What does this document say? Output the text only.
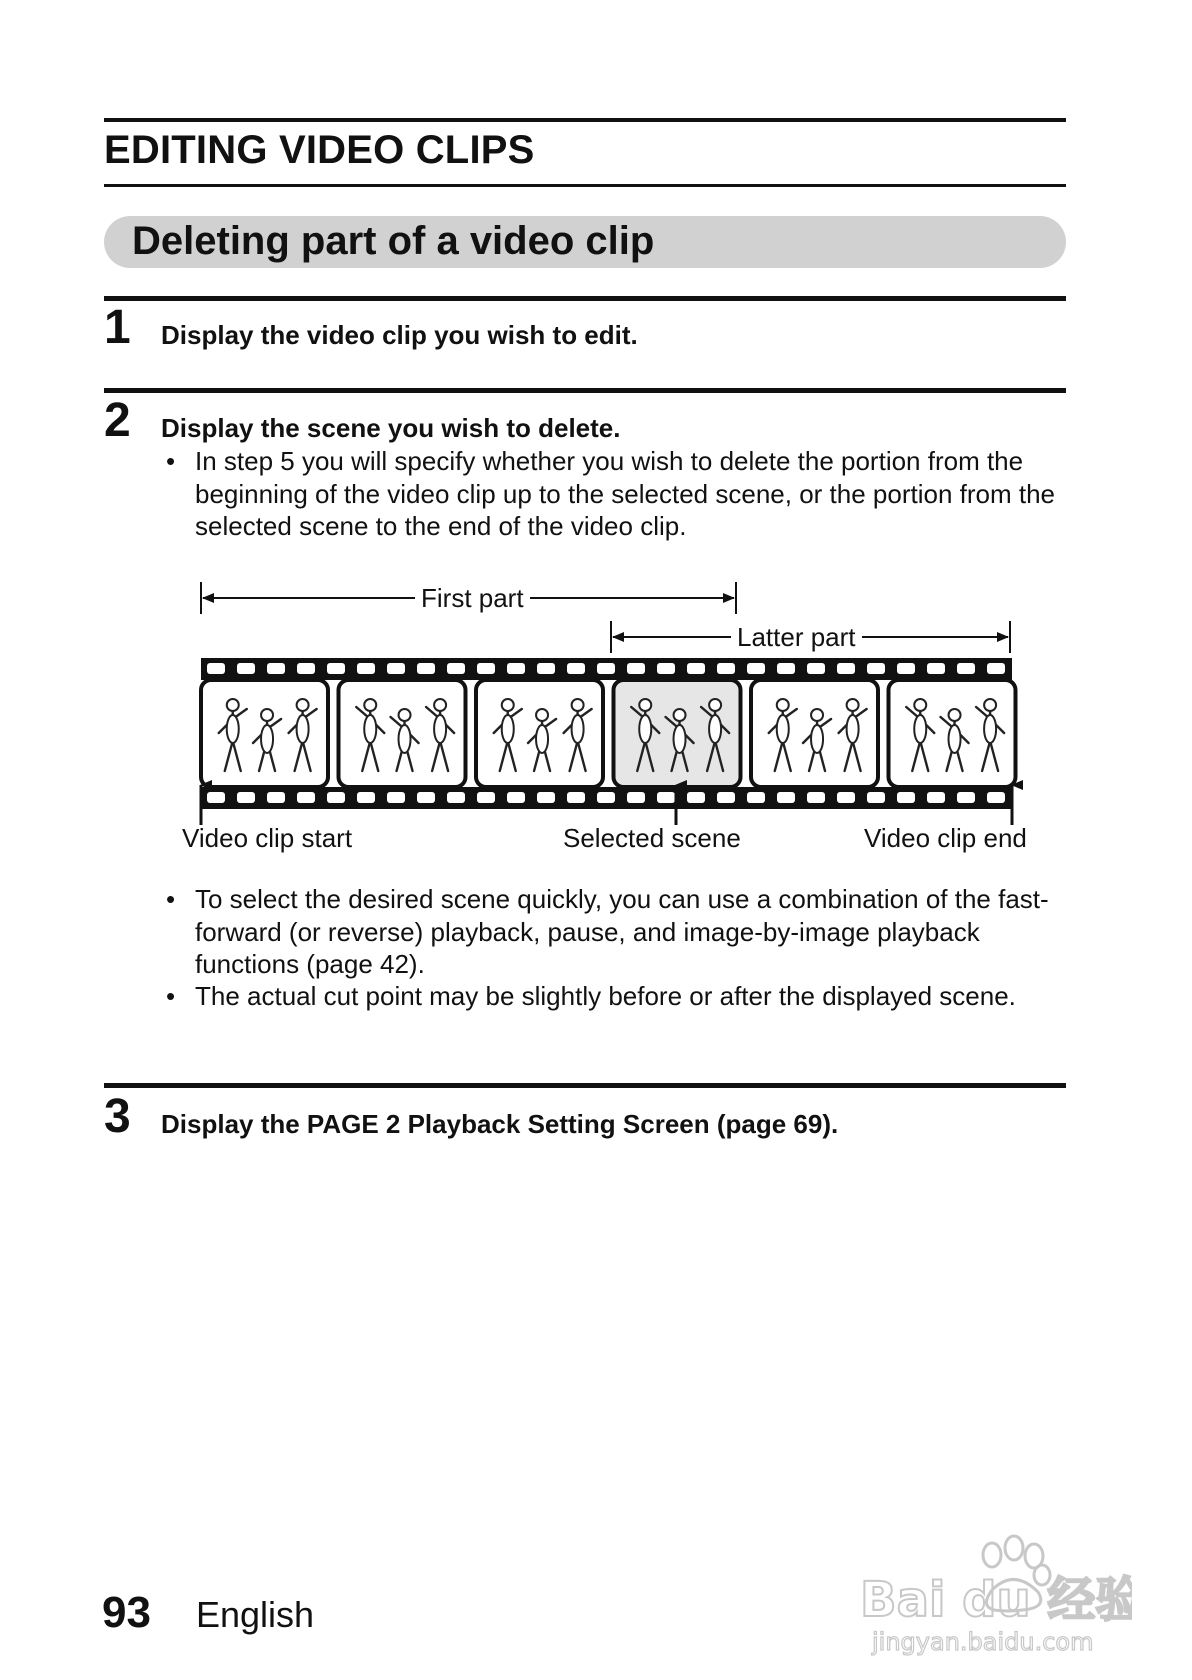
EDITING VIDEO CLIPS
Deleting part of a video clip
1 Display the video clip you wish to edit.
2 Display the scene you wish to delete.
• In step 5 you will specify whether you wish to delete the portion from the beginning of the video clip up to the selected scene, or the portion from the selected scene to the end of the video clip.
First part
Latter part
Video clip start	Selected scene	Video clip end
• To select the desired scene quickly, you can use a combination of the fast-forward (or reverse) playback, pause, and image-by-image playback functions (page 42).
• The actual cut point may be slightly before or after the displayed scene.
3 Display the PAGE 2 Playback Setting Screen (page 69).
93 English	Bai du 经验
jingyan.baidu.com
